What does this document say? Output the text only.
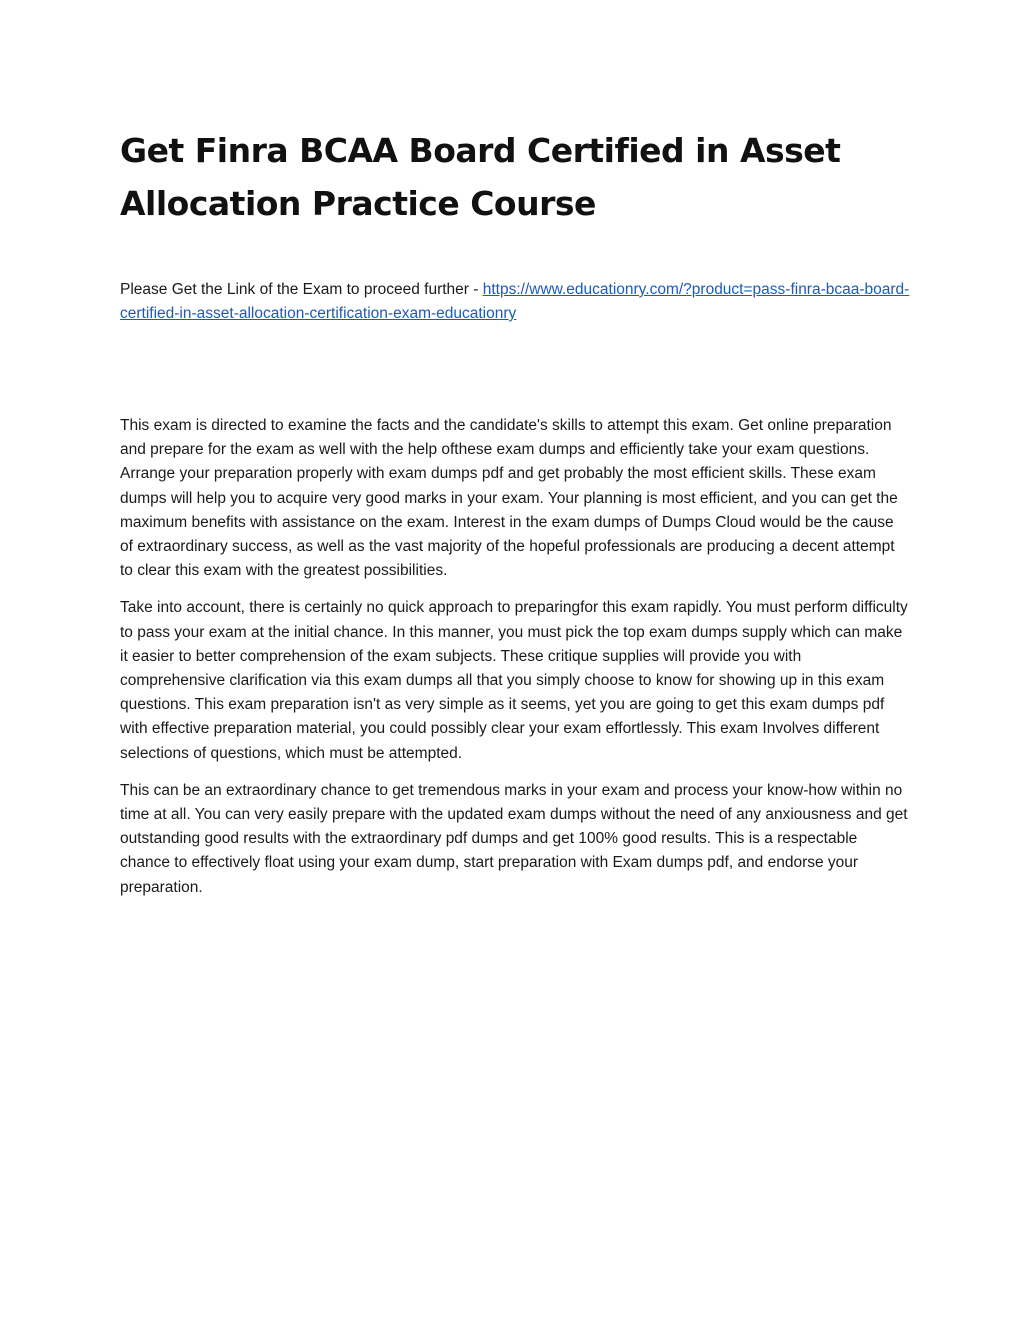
Get Finra BCAA Board Certified in Asset Allocation Practice Course

Please Get the Link of the Exam to proceed further - https://www.educationry.com/?product=pass-finra-bcaa-board-certified-in-asset-allocation-certification-exam-educationry

This exam is directed to examine the facts and the candidate's skills to attempt this exam. Get online preparation and prepare for the exam as well with the help ofthese exam dumps and efficiently take your exam questions. Arrange your preparation properly with exam dumps pdf and get probably the most efficient skills. These exam dumps will help you to acquire very good marks in your exam. Your planning is most efficient, and you can get the maximum benefits with assistance on the exam. Interest in the exam dumps of Dumps Cloud would be the cause of extraordinary success, as well as the vast majority of the hopeful professionals are producing a decent attempt to clear this exam with the greatest possibilities.

Take into account, there is certainly no quick approach to preparingfor this exam rapidly. You must perform difficulty to pass your exam at the initial chance. In this manner, you must pick the top exam dumps supply which can make it easier to better comprehension of the exam subjects. These critique supplies will provide you with comprehensive clarification via this exam dumps all that you simply choose to know for showing up in this exam questions. This exam preparation isn't as very simple as it seems, yet you are going to get this exam dumps pdf with effective preparation material, you could possibly clear your exam effortlessly. This exam Involves different selections of questions, which must be attempted.

This can be an extraordinary chance to get tremendous marks in your exam and process your know-how within no time at all. You can very easily prepare with the updated exam dumps without the need of any anxiousness and get outstanding good results with the extraordinary pdf dumps and get 100% good results. This is a respectable chance to effectively float using your exam dump, start preparation with Exam dumps pdf, and endorse your preparation.
